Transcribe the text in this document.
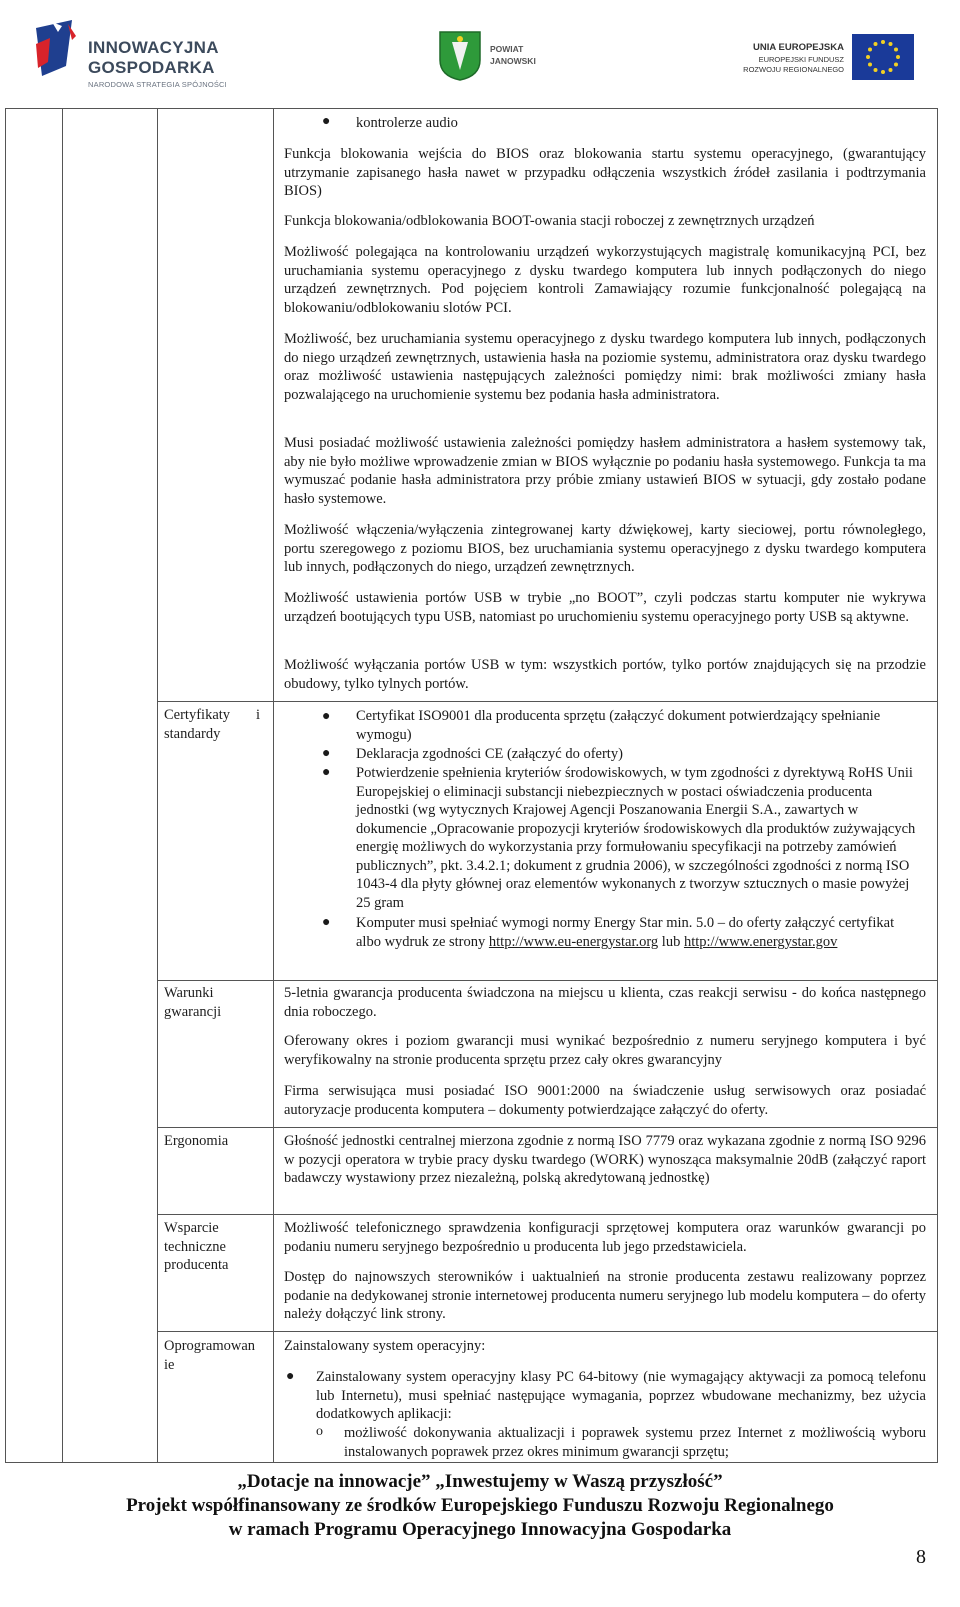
INNOWACYJNA
GOSPODARKA
NARODOWA STRATEGIA SPÓJNOŚCI
POWIAT
JANOWSKI
UNIA EUROPEJSKA
EUROPEJSKI FUNDUSZ
ROZWOJU REGIONALNEGO
● kontrolerze audio
Funkcja blokowania wejścia do BIOS oraz blokowania startu systemu operacyjnego, (gwarantujący utrzymanie zapisanego hasła nawet w przypadku odłączenia wszystkich źródeł zasilania i podtrzymania BIOS)
Funkcja blokowania/odblokowania BOOT-owania stacji roboczej z zewnętrznych urządzeń
Możliwość polegająca na kontrolowaniu urządzeń wykorzystujących magistralę komunikacyjną PCI, bez uruchamiania systemu operacyjnego z dysku twardego komputera lub innych podłączonych do niego urządzeń zewnętrznych. Pod pojęciem kontroli Zamawiający rozumie funkcjonalność polegającą na blokowaniu/odblokowaniu slotów PCI.
Możliwość, bez uruchamiania systemu operacyjnego z dysku twardego komputera lub innych, podłączonych do niego urządzeń zewnętrznych, ustawienia hasła na poziomie systemu, administratora oraz dysku twardego oraz możliwość ustawienia następujących zależności pomiędzy nimi: brak możliwości zmiany hasła pozwalającego na uruchomienie systemu bez podania hasła administratora.
Musi posiadać możliwość ustawienia zależności pomiędzy hasłem administratora a hasłem systemowy tak, aby nie było możliwe wprowadzenie zmian w BIOS wyłącznie po podaniu hasła systemowego. Funkcja ta ma wymuszać podanie hasła administratora przy próbie zmiany ustawień BIOS w sytuacji, gdy zostało podane hasło systemowe.
Możliwość włączenia/wyłączenia zintegrowanej karty dźwiękowej, karty sieciowej, portu równoległego, portu szeregowego z poziomu BIOS, bez uruchamiania systemu operacyjnego z dysku twardego komputera lub innych, podłączonych do niego, urządzeń zewnętrznych.
Możliwość ustawienia portów USB w trybie „no BOOT”, czyli podczas startu komputer nie wykrywa urządzeń bootujących typu USB, natomiast po uruchomieniu systemu operacyjnego porty USB są aktywne.
Możliwość wyłączania portów USB w tym: wszystkich portów, tylko portów znajdujących się na przodzie obudowy, tylko tylnych portów.
Certyfikaty i standardy
● Certyfikat ISO9001 dla producenta sprzętu (załączyć dokument potwierdzający spełnianie wymogu)
● Deklaracja zgodności CE (załączyć do oferty)
● Potwierdzenie spełnienia kryteriów środowiskowych, w tym zgodności z dyrektywą RoHS Unii Europejskiej o eliminacji substancji niebezpiecznych w postaci oświadczenia producenta jednostki (wg wytycznych Krajowej Agencji Poszanowania Energii S.A., zawartych w dokumencie „Opracowanie propozycji kryteriów środowiskowych dla produktów zużywających energię możliwych do wykorzystania przy formułowaniu specyfikacji na potrzeby zamówień publicznych”, pkt. 3.4.2.1; dokument z grudnia 2006), w szczególności zgodności z normą ISO 1043-4 dla płyty głównej oraz elementów wykonanych z tworzyw sztucznych o masie powyżej 25 gram
● Komputer musi spełniać wymogi normy Energy Star min. 5.0 – do oferty załączyć certyfikat albo wydruk ze strony http://www.eu-energystar.org lub http://www.energystar.gov
Warunki gwarancji
5-letnia gwarancja producenta świadczona na miejscu u klienta, czas reakcji serwisu - do końca następnego dnia roboczego.
Oferowany okres i poziom gwarancji musi wynikać bezpośrednio z numeru seryjnego komputera i być weryfikowalny na stronie producenta sprzętu przez cały okres gwarancyjny
Firma serwisująca musi posiadać ISO 9001:2000 na świadczenie usług serwisowych oraz posiadać autoryzacje producenta komputera – dokumenty potwierdzające załączyć do oferty.
Ergonomia	Głośność jednostki centralnej mierzona zgodnie z normą ISO 7779 oraz wykazana zgodnie z normą ISO 9296 w pozycji operatora w trybie pracy dysku twardego (WORK) wynosząca maksymalnie 20dB (załączyć raport badawczy wystawiony przez niezależną, polską akredytowaną jednostkę)
Wsparcie techniczne producenta
Możliwość telefonicznego sprawdzenia konfiguracji sprzętowej komputera oraz warunków gwarancji po podaniu numeru seryjnego bezpośrednio u producenta lub jego przedstawiciela.
Dostęp do najnowszych sterowników i uaktualnień na stronie producenta zestawu realizowany poprzez podanie na dedykowanej stronie internetowej producenta numeru seryjnego lub modelu komputera – do oferty należy dołączyć link strony.
Oprogramowanie
Zainstalowany system operacyjny:
● Zainstalowany system operacyjny klasy PC 64-bitowy (nie wymagający aktywacji za pomocą telefonu lub Internetu), musi spełniać następujące wymagania, poprzez wbudowane mechanizmy, bez użycia dodatkowych aplikacji:
o możliwość dokonywania aktualizacji i poprawek systemu przez Internet z możliwością wyboru instalowanych poprawek przez okres minimum gwarancji sprzętu;
„Dotacje na innowacje” „Inwestujemy w Waszą przyszłość”
Projekt współfinansowany ze środków Europejskiego Funduszu Rozwoju Regionalnego
w ramach Programu Operacyjnego Innowacyjna Gospodarka
8
